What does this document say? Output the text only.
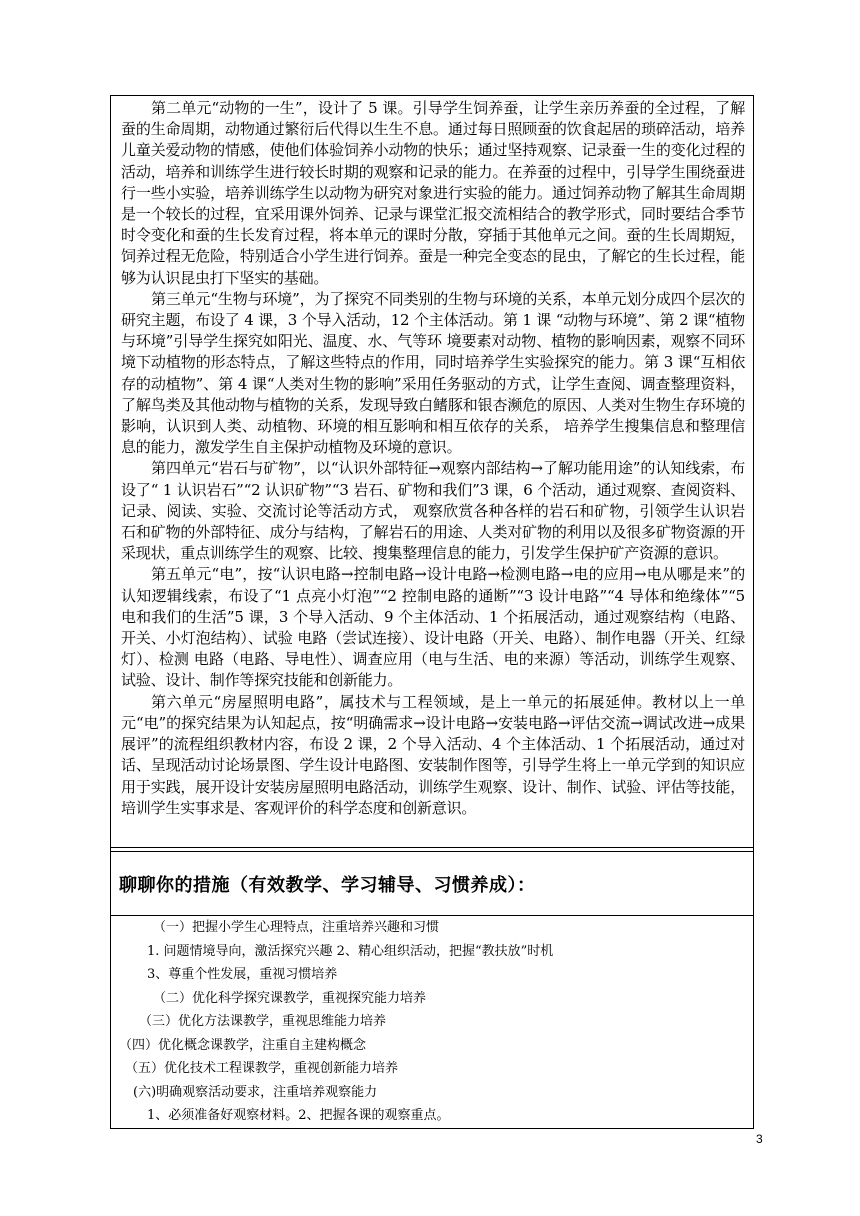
第二单元“动物的一生”，设计了 5 课。引导学生饲养蚕，让学生亲历养蚕的全过程，了解蚕的生命周期，动物通过繁衍后代得以生生不息。通过每日照顾蚕的饮食起居的琐碎活动，培养儿童关爱动物的情感，使他们体验饲养小动物的快乐；通过坚持观察、记录蚕一生的变化过程的活动，培养和训练学生进行较长时期的观察和记录的能力。在养蚕的过程中，引导学生围绕蚕进行一些小实验，培养训练学生以动物为研究对象进行实验的能力。通过饲养动物了解其生命周期是一个较长的过程，宜采用课外饲养、记录与课堂汇报交流相结合的教学形式，同时要结合季节时令变化和蚕的生长发育过程，将本单元的课时分散，穿插于其他单元之间。蚕的生长周期短，饲养过程无危险，特别适合小学生进行饲养。蚕是一种完全变态的昆虫，了解它的生长过程，能够为认识昆虫打下坚实的基础。

第三单元“生物与环境”，为了探究不同类别的生物与环境的关系，本单元划分成四个层次的研究主题，布设了 4 课，3 个导入活动，12 个主体活动。第 1 课 “动物与环境”、第 2 课“植物与环境”引导学生探究如阳光、温度、水、气等环 境要素对动物、植物的影响因素，观察不同环境下动植物的形态特点，了解这些特点的作用，同时培养学生实验探究的能力。第 3 课“互相依存的动植物”、第 4 课“人类对生物的影响”采用任务驱动的方式，让学生查阅、调查整理资料，了解鸟类及其他动物与植物的关系，发现导致白鳍豚和银杏濒危的原因、人类对生物生存环境的影响，认识到人类、动植物、环境的相互影响和相互依存的关系， 培养学生搜集信息和整理信息的能力，激发学生自主保护动植物及环境的意识。

第四单元“岩石与矿物”，以“认识外部特征→观察内部结构→了解功能用途”的认知线索，布设了“ 1 认识岩石”“2 认识矿物”“3 岩石、矿物和我们”3 课，6 个活动，通过观察、查阅资料、记录、阅读、实验、交流讨论等活动方式， 观察欣赏各种各样的岩石和矿物，引领学生认识岩石和矿物的外部特征、成分与结构，了解岩石的用途、人类对矿物的利用以及很多矿物资源的开采现状，重点训练学生的观察、比较、搜集整理信息的能力，引发学生保护矿产资源的意识。

第五单元“电”，按“认识电路→控制电路→设计电路→检测电路→电的应用→电从哪是来”的认知逻辑线索，布设了“1 点亮小灯泡”“2 控制电路的通断”“3 设计电路”“4 导体和绝缘体”“5 电和我们的生活”5 课，3 个导入活动、9 个主体活动、1 个拓展活动，通过观察结构（电路、开关、小灯泡结构）、试验 电路（尝试连接）、设计电路（开关、电路）、制作电器（开关、红绿灯）、检测 电路（电路、导电性）、调查应用（电与生活、电的来源）等活动，训练学生观察、试验、设计、制作等探究技能和创新能力。

第六单元“房屋照明电路”，属技术与工程领域，是上一单元的拓展延伸。教材以上一单元“电”的探究结果为认知起点，按“明确需求→设计电路→安装电路→评估交流→调试改进→成果展评”的流程组织教材内容，布设 2 课，2 个导入活动、4 个主体活动、1 个拓展活动，通过对话、呈现活动讨论场景图、学生设计电路图、安装制作图等，引导学生将上一单元学到的知识应用于实践，展开设计安装房屋照明电路活动，训练学生观察、设计、制作、试验、评估等技能，培训学生实事求是、客观评价的科学态度和创新意识。

聊聊你的措施（有效教学、学习辅导、习惯养成）：
（一）把握小学生心理特点，注重培养兴趣和习惯
1. 问题情境导向，激活探究兴趣 2、精心组织活动，把握“教扶放”时机
3、尊重个性发展，重视习惯培养
（二）优化科学探究课教学，重视探究能力培养
（三）优化方法课教学，重视思维能力培养
（四）优化概念课教学，注重自主建构概念
（五）优化技术工程课教学，重视创新能力培养
(六)明确观察活动要求，注重培养观察能力
1、必须准备好观察材料。2、把握各课的观察重点。
3
